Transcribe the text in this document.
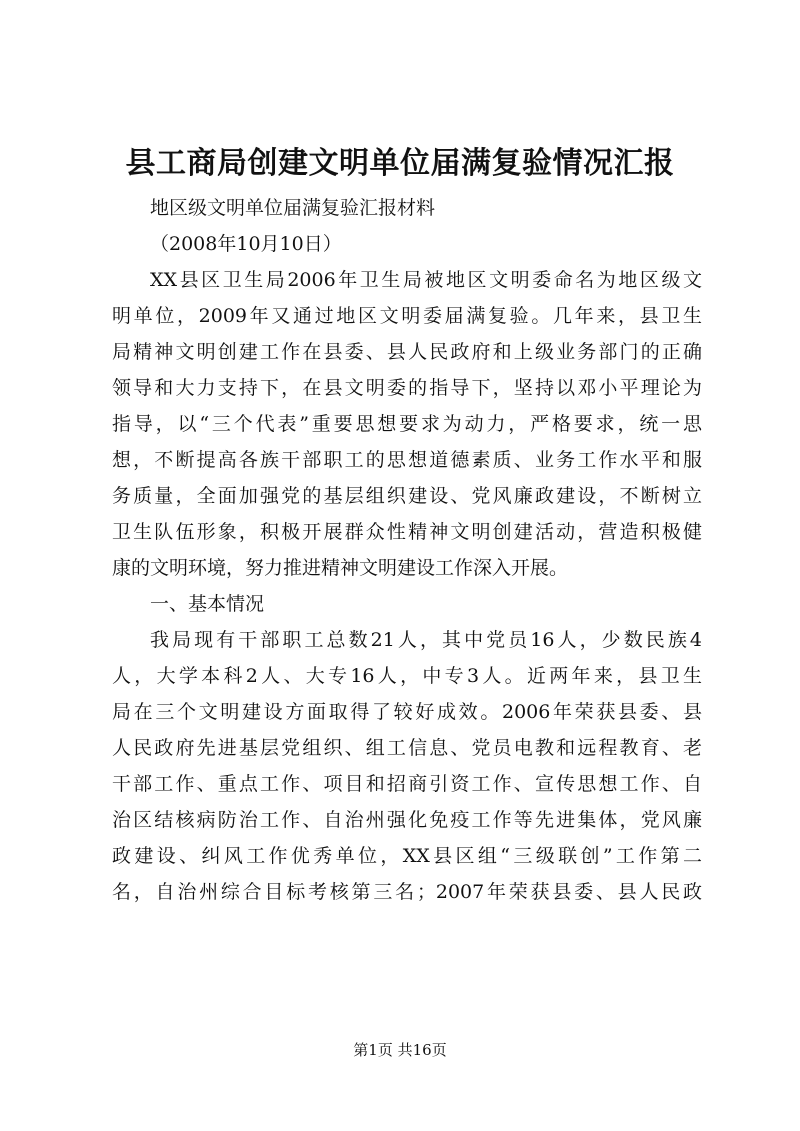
县工商局创建文明单位届满复验情况汇报

地区级文明单位届满复验汇报材料

（2008年10月10日）

XX县区卫生局2006年卫生局被地区文明委命名为地区级文

明单位，2009年又通过地区文明委届满复验。几年来，县卫生

局精神文明创建工作在县委、县人民政府和上级业务部门的正确

领导和大力支持下，在县文明委的指导下，坚持以邓小平理论为

指导，以“三个代表”重要思想要求为动力，严格要求，统一思

想，不断提高各族干部职工的思想道德素质、业务工作水平和服

务质量，全面加强党的基层组织建设、党风廉政建设，不断树立

卫生队伍形象，积极开展群众性精神文明创建活动，营造积极健

康的文明环境，努力推进精神文明建设工作深入开展。

一、基本情况

我局现有干部职工总数21人，其中党员16人，少数民族4

人，大学本科2人、大专16人，中专3人。近两年来，县卫生

局在三个文明建设方面取得了较好成效。2006年荣获县委、县

人民政府先进基层党组织、组工信息、党员电教和远程教育、老

干部工作、重点工作、项目和招商引资工作、宣传思想工作、自

治区结核病防治工作、自治州强化免疫工作等先进集体，党风廉

政建设、纠风工作优秀单位，XX县区组“三级联创”工作第二

名，自治州综合目标考核第三名；2007年荣获县委、县人民政

第1页 共16页
